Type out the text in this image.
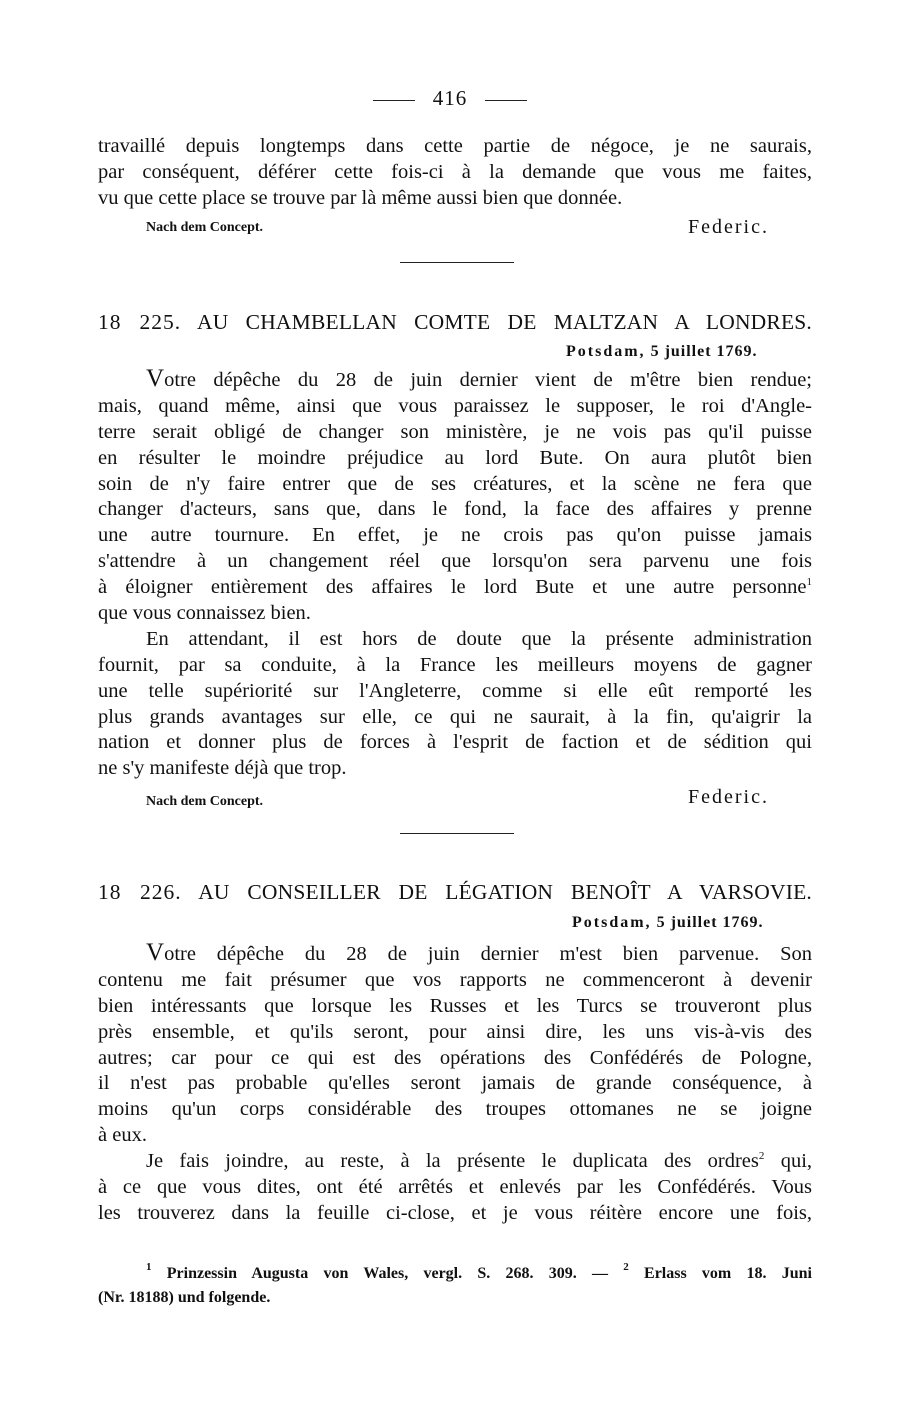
416
travaillé depuis longtemps dans cette partie de négoce, je ne saurais,
par conséquent, déférer cette fois-ci à la demande que vous me faites,
vu que cette place se trouve par là même aussi bien que donnée.
Nach dem Concept.	Federic.
18 225. AU CHAMBELLAN COMTE DE MALTZAN A LONDRES.
Potsdam, 5 juillet 1769.
Votre dépêche du 28 de juin dernier vient de m'être bien rendue;
mais, quand même, ainsi que vous paraissez le supposer, le roi d'Angle-
terre serait obligé de changer son ministère, je ne vois pas qu'il puisse
en résulter le moindre préjudice au lord Bute. On aura plutôt bien
soin de n'y faire entrer que de ses créatures, et la scène ne fera que
changer d'acteurs, sans que, dans le fond, la face des affaires y prenne
une autre tournure. En effet, je ne crois pas qu'on puisse jamais
s'attendre à un changement réel que lorsqu'on sera parvenu une fois
à éloigner entièrement des affaires le lord Bute et une autre personne$^1$
que vous connaissez bien.
En attendant, il est hors de doute que la présente administration
fournit, par sa conduite, à la France les meilleurs moyens de gagner
une telle supériorité sur l'Angleterre, comme si elle eût remporté les
plus grands avantages sur elle, ce qui ne saurait, à la fin, qu'aigrir la
nation et donner plus de forces à l'esprit de faction et de sédition qui
ne s'y manifeste déjà que trop.
Nach dem Concept.	Federic.
18 226. AU CONSEILLER DE LÉGATION BENOÎT A VARSOVIE.
Potsdam, 5 juillet 1769.
Votre dépêche du 28 de juin dernier m'est bien parvenue. Son
contenu me fait présumer que vos rapports ne commenceront à devenir
bien intéressants que lorsque les Russes et les Turcs se trouveront plus
près ensemble, et qu'ils seront, pour ainsi dire, les uns vis-à-vis des
autres; car pour ce qui est des opérations des Confédérés de Pologne,
il n'est pas probable qu'elles seront jamais de grande conséquence, à
moins qu'un corps considérable des troupes ottomanes ne se joigne
à eux.
Je fais joindre, au reste, à la présente le duplicata des ordres$^2$ qui,
à ce que vous dites, ont été arrêtés et enlevés par les Confédérés. Vous
les trouverez dans la feuille ci-close, et je vous réitère encore une fois,
$^1$ Prinzessin Augusta von Wales, vergl. S. 268. 309. — $^2$ Erlass vom 18. Juni
(Nr. 18188) und folgende.
